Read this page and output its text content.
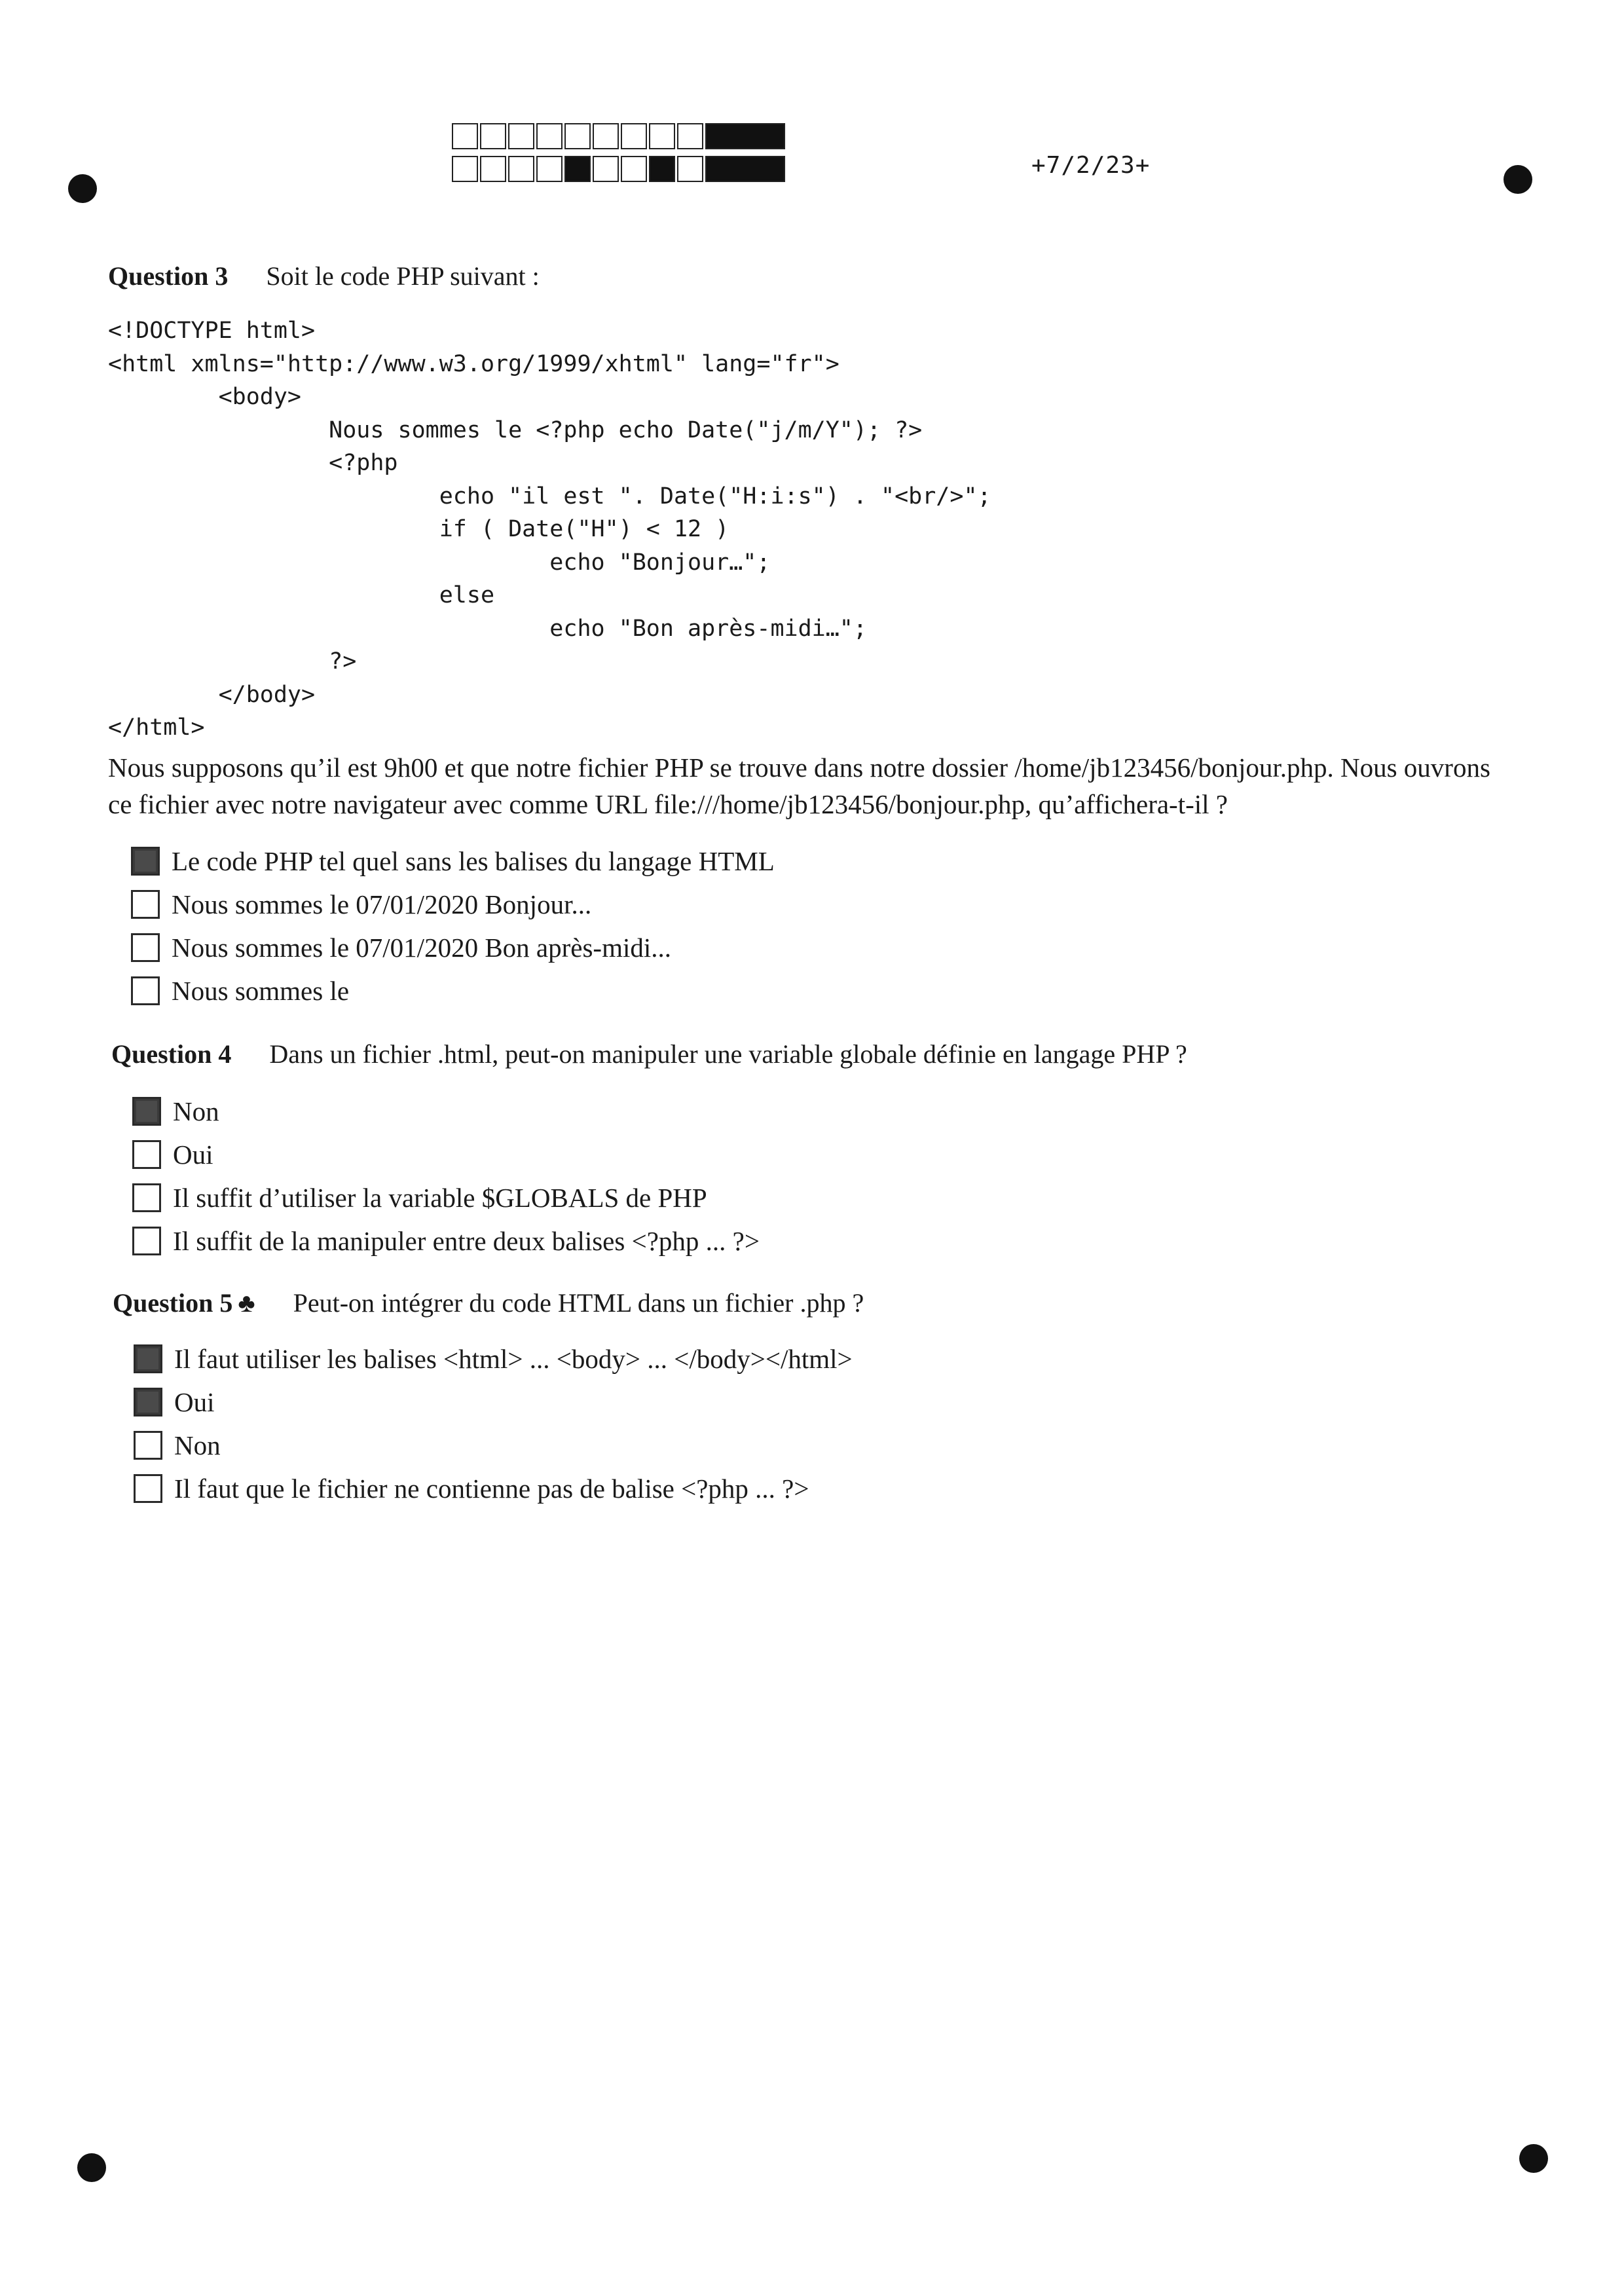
+7/2/23+
Question 3 Soit le code PHP suivant :
<!DOCTYPE html>
<html xmlns="http://www.w3.org/1999/xhtml" lang="fr">
<body>
Nous sommes le <?php echo Date("j/m/Y"); ?>
<?php
echo "il est ". Date("H:i:s") . "<br/>";
if ( Date("H") < 12 )
echo "Bonjour…";
else
echo "Bon après-midi…";
?>
</body>
</html>
Nous supposons qu’il est 9h00 et que notre fichier PHP se trouve dans notre dossier /home/jb123456/bonjour.php. Nous ouvrons ce fichier avec notre navigateur avec comme URL file:///home/jb123456/bonjour.php, qu’affichera-t-il ?
Le code PHP tel quel sans les balises du langage HTML
Nous sommes le 07/01/2020 Bonjour...
Nous sommes le 07/01/2020 Bon après-midi...
Nous sommes le
Question 4 Dans un fichier .html, peut-on manipuler une variable globale définie en langage PHP ?
Non
Oui
Il suffit d’utiliser la variable $GLOBALS de PHP
Il suffit de la manipuler entre deux balises <?php ... ?>
Question 5 ♣ Peut-on intégrer du code HTML dans un fichier .php ?
Il faut utiliser les balises <html> ... <body> ... </body></html>
Oui
Non
Il faut que le fichier ne contienne pas de balise <?php ... ?>
